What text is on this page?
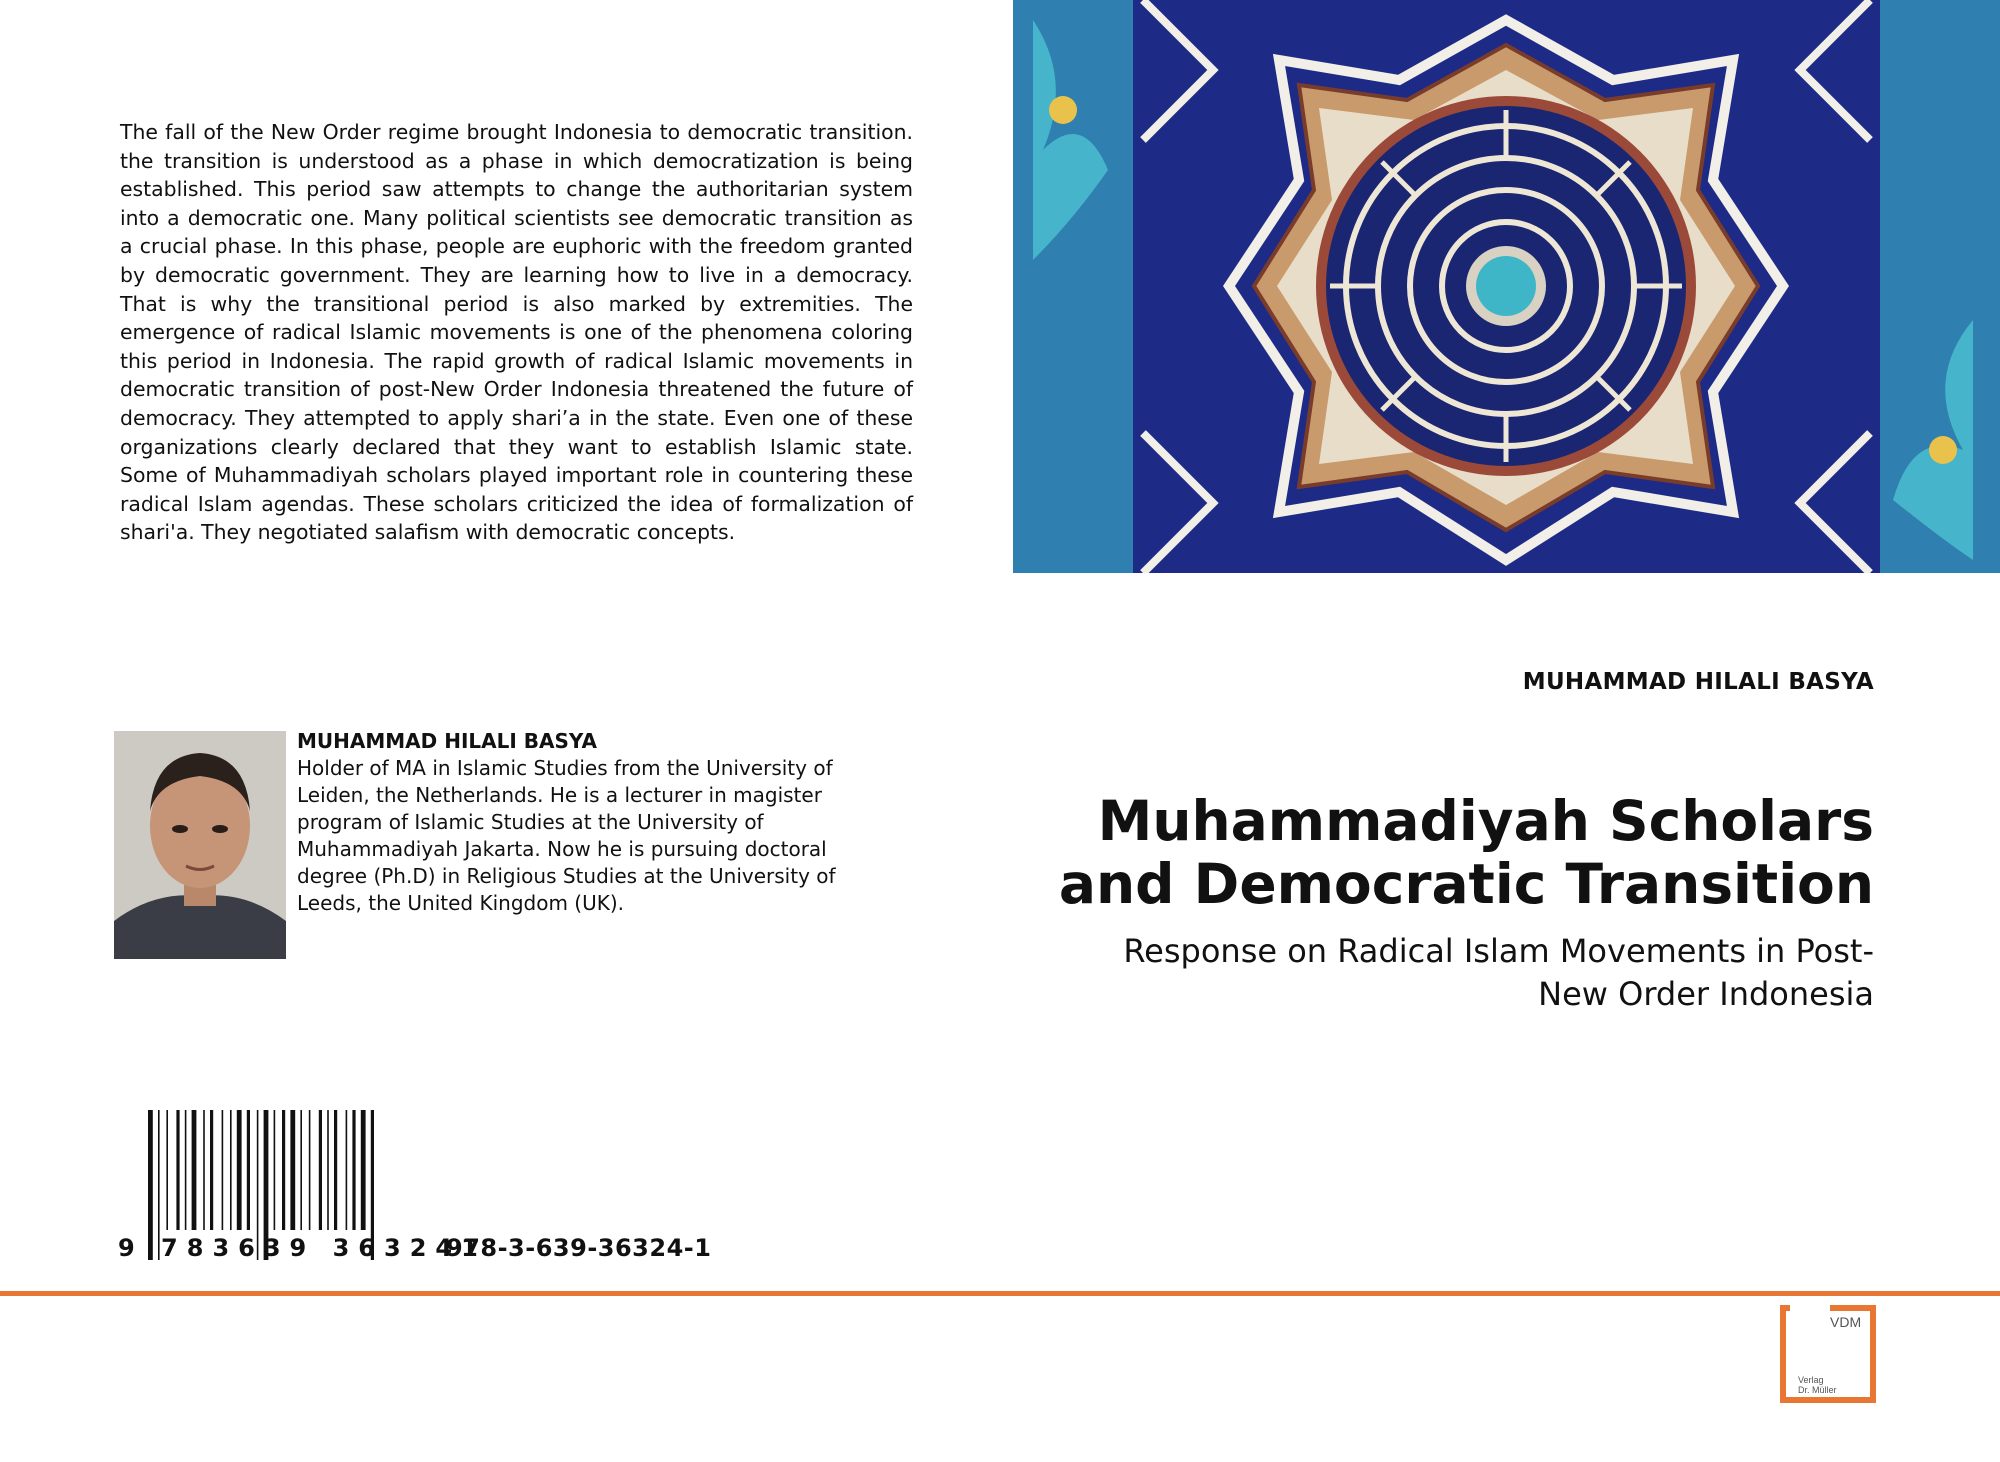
The fall of the New Order regime brought Indonesia to democratic transition. the transition is understood as a phase in which democratization is being established. This period saw attempts to change the authoritarian system into a democratic one. Many political scientists see democratic transition as a crucial phase. In this phase, people are euphoric with the freedom granted by democratic government. They are learning how to live in a democracy. That is why the transitional period is also marked by extremities. The emergence of radical Islamic movements is one of the phenomena coloring this period in Indonesia. The rapid growth of radical Islamic movements in democratic transition of post-New Order Indonesia threatened the future of democracy. They attempted to apply shari’a in the state. Even one of these organizations clearly declared that they want to establish Islamic state. Some of Muhammadiyah scholars played important role in countering these radical Islam agendas. These scholars criticized the idea of formalization of shari'a. They negotiated salafism with democratic concepts.

MUHAMMAD HILALI BASYA
MUHAMMAD HILALI BASYA
Holder of MA in Islamic Studies from the University of Leiden, the Netherlands. He is a lecturer in magister program of Islamic Studies at the University of Muhammadiyah Jakarta. Now he is pursuing doctoral degree (Ph.D) in Religious Studies at the University of Leeds, the United Kingdom (UK).
Muhammadiyah Scholars and Democratic Transition

Response on Radical Islam Movements in Post-New Order Indonesia

9 783639 363241
978-3-639-36324-1
VDM
Verlag
Dr. Müller
